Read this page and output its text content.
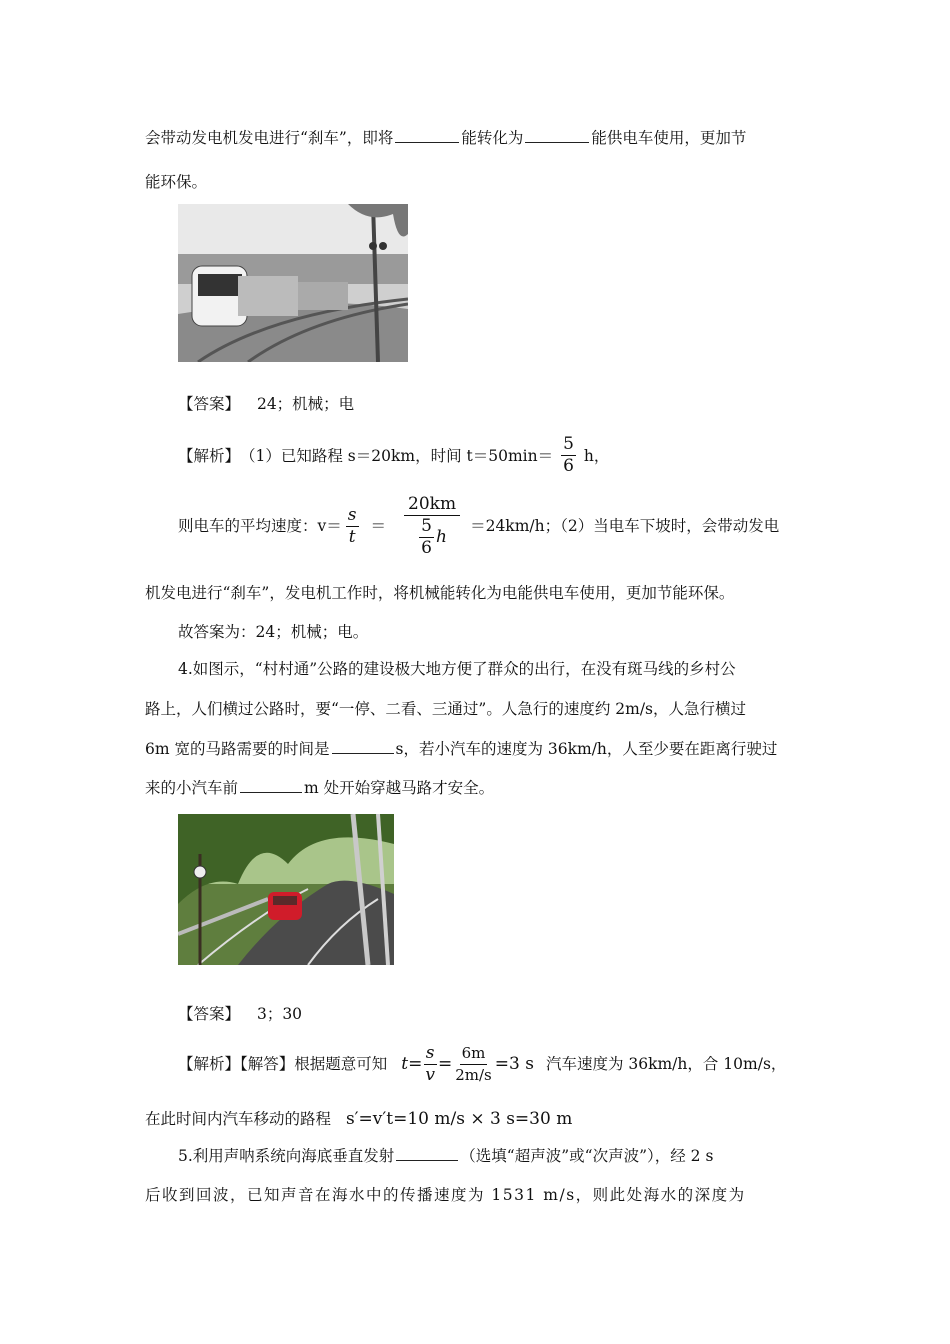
会带动发电机发电进行“刹车”，即将	能转化为	能供电车使用，更加节
能环保。
【答案】 24；机械；电
【解析】 （1）已知路程 s＝20km，时间 $t=50\min= \frac{5}{6}$ h，
则电车的平均速度：$v= \frac{s}{t} = \frac{20km}{\frac{5}{6} h} =24km/h$；（2）当电车下坡时，会带动发电
机发电进行“刹车”，发电机工作时，将机械能转化为电能供电车使用，更加节能环保。
故答案为：24；机械；电。
4.如图示，“村村通”公路的建设极大地方便了群众的出行，在没有斑马线的乡村公
路上，人们横过公路时，要“一停、二看、三通过”。人急行的速度约 2m/s，人急行横过
6m 宽的马路需要的时间是	s，若小汽车的速度为 36km/h，人至少要在距离行驶过
来的小汽车前	m 处开始穿越马路才安全。
【答案】 3；30
【解析】【解答】根据题意可知 $t= \frac{s}{v} = \frac{6m}{2m/s} =3$ s 汽车速度为 36km/h，合 10m/s，
在此时间内汽车移动的路程 s′=v′t=10 m/s × 3 s=30 m
5.利用声呐系统向海底垂直发射	（选填“超声波”或“次声波”），经 2 s
后收到回波，已知声音在海水中的传播速度为 1531 m/s，则此处海水的深度为
